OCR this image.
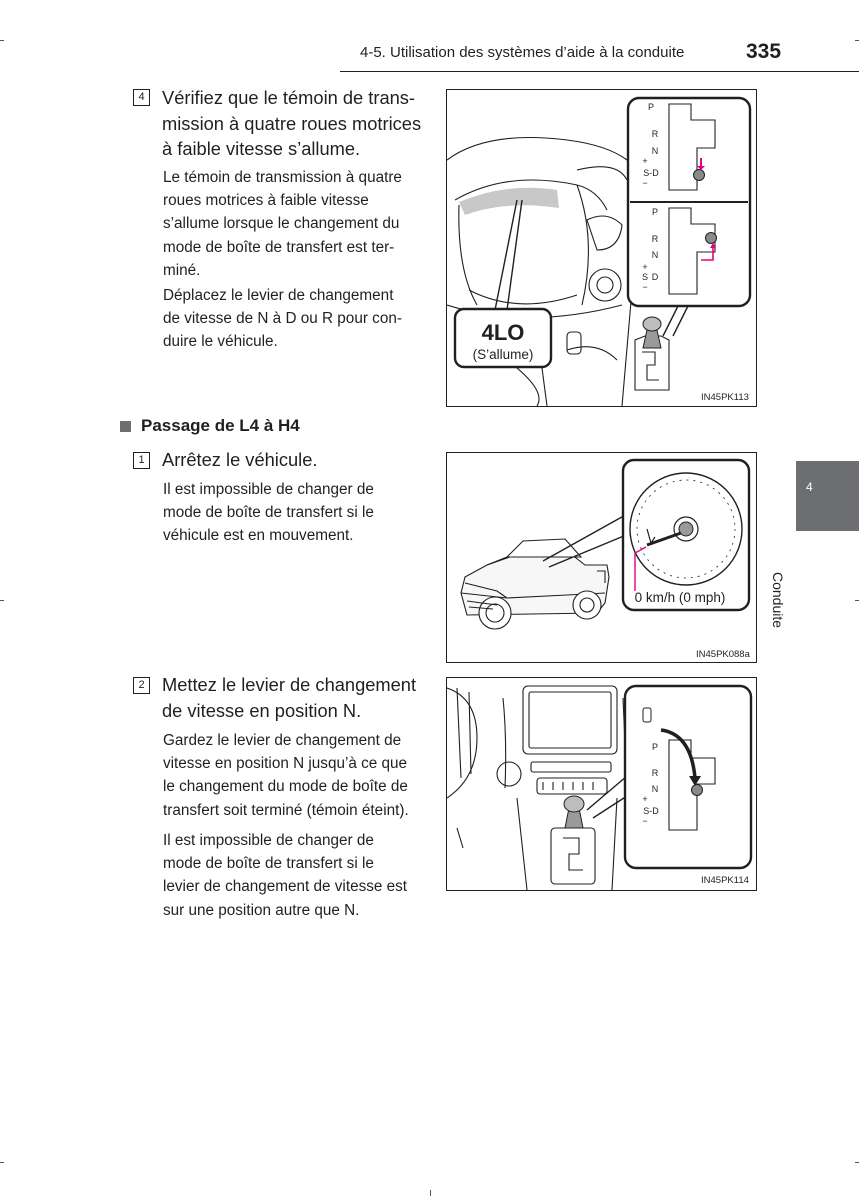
4-5. Utilisation des systèmes d’aide à la conduite	335
4
Conduite
4 Vérifiez que le témoin de trans-
mission à quatre roues motrices
à faible vitesse s’allume.
Le témoin de transmission à quatre
roues motrices à faible vitesse
s’allume lorsque le changement du
mode de boîte de transfert est ter-
miné.
Déplacez le levier de changement
de vitesse de N à D ou R pour con-
duire le véhicule.	4LO
(S’allume)
P
R
N
+
S-D
−
P
R
N
+
S D
−
IN45PK113
Passage de L4 à H4
1 Arrêtez le véhicule.
Il est impossible de changer de
mode de boîte de transfert si le
véhicule est en mouvement.
0 km/h (0 mph)
IN45PK088a
2 Mettez le levier de changement
de vitesse en position N.
Gardez le levier de changement de
vitesse en position N jusqu’à ce que
le changement du mode de boîte de
transfert soit terminé (témoin éteint).
Il est impossible de changer de
mode de boîte de transfert si le
levier de changement de vitesse est
sur une position autre que N.
P
R
N
+
S-D
−
IN45PK114
